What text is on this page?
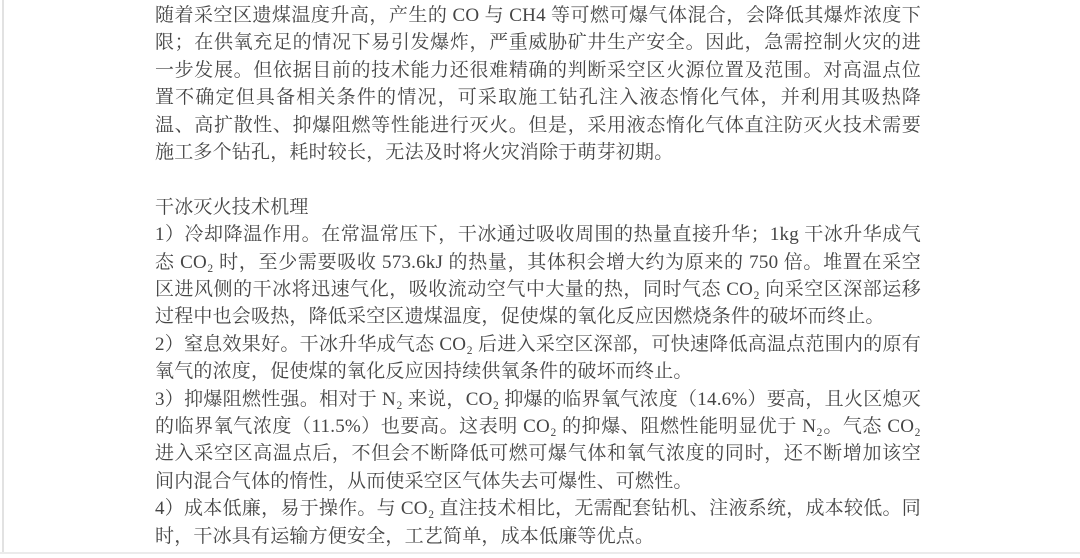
随着采空区遗煤温度升高，产生的 CO 与 CH4 等可燃可爆气体混合，会降低其爆炸浓度下限；在供氧充足的情况下易引发爆炸，严重威胁矿井生产安全。因此，急需控制火灾的进一步发展。但依据目前的技术能力还很难精确的判断采空区火源位置及范围。对高温点位置不确定但具备相关条件的情况，可采取施工钻孔注入液态惰化气体，并利用其吸热降温、高扩散性、抑爆阻燃等性能进行灭火。但是，采用液态惰化气体直注防灭火技术需要施工多个钻孔，耗时较长，无法及时将火灾消除于萌芽初期。

干冰灭火技术机理

1）冷却降温作用。在常温常压下，干冰通过吸收周围的热量直接升华；1kg 干冰升华成气态 CO₂ 时，至少需要吸收 573.6kJ 的热量，其体积会增大约为原来的 750 倍。堆置在采空区进风侧的干冰将迅速气化，吸收流动空气中大量的热，同时气态 CO₂ 向采空区深部运移过程中也会吸热，降低采空区遗煤温度，促使煤的氧化反应因燃烧条件的破坏而终止。

2）窒息效果好。干冰升华成气态 CO₂ 后进入采空区深部，可快速降低高温点范围内的原有氧气的浓度，促使煤的氧化反应因持续供氧条件的破坏而终止。

3）抑爆阻燃性强。相对于 N₂ 来说，CO₂ 抑爆的临界氧气浓度（14.6%）要高，且火区熄灭的临界氧气浓度（11.5%）也要高。这表明 CO₂ 的抑爆、阻燃性能明显优于 N₂。气态 CO₂ 进入采空区高温点后，不但会不断降低可燃可爆气体和氧气浓度的同时，还不断增加该空间内混合气体的惰性，从而使采空区气体失去可爆性、可燃性。

4）成本低廉，易于操作。与 CO₂ 直注技术相比，无需配套钻机、注液系统，成本较低。同时，干冰具有运输方便安全，工艺简单，成本低廉等优点。
